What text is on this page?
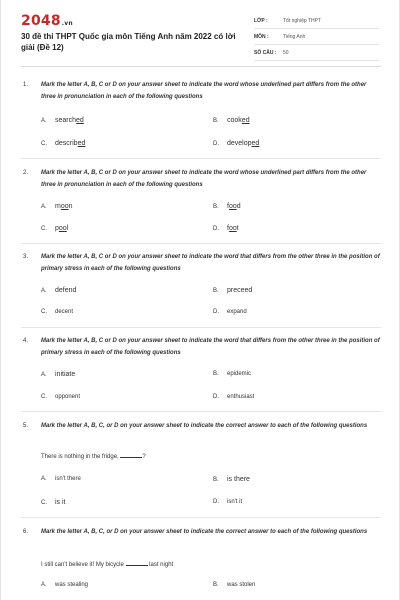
2048.vn
30 đề thi THPT Quốc gia môn Tiếng Anh năm 2022 có lời giải (Đề 12)
LỚP :	Tốt nghiệp THPT
MÔN :	Tiếng Anh
SỐ CÂU :	50
1. Mark the letter A, B, C or D on your answer sheet to indicate the word whose underlined part differs from the other three in pronunciation in each of the following questions
A. searched	B. cooked
C. described	D. developed
2. Mark the letter A, B, C or D on your answer sheet to indicate the word whose underlined part differs from the other three in pronunciation in each of the following questions
A. moon	B. food
C. pool	D. foot
3. Mark the letter A, B, C or D on your answer sheet to indicate the word that differs from the other three in the position of primary stress in each of the following questions
A. defend	B. preceed
C. decent	D. expand
4. Mark the letter A, B, C or D on your answer sheet to indicate the word that differs from the other three in the position of primary stress in each of the following questions
A. initiate	B. epidemic
C. opponent	D. enthusiast
5. Mark the letter A, B, C, or D on your answer sheet to indicate the correct answer to each of the following questions
There is nothing in the fridge,	?
A. isn't there	B. is there
C. is it	D. isn't it
6. Mark the letter A, B, C, or D on your answer sheet to indicate the correct answer to each of the following questions
I still can't believe it! My bicycle	last night
A. was stealing	B. was stolen
